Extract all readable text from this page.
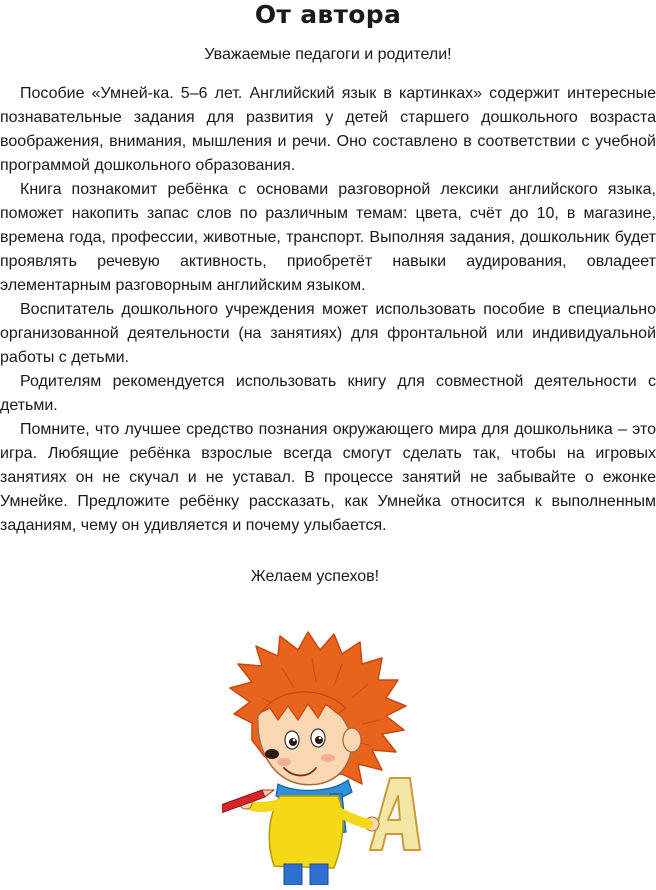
От автора
Уважаемые педагоги и родители!

Пособие «Умней-ка. 5–6 лет. Английский язык в картинках» содержит интересные познавательные задания для развития у детей старшего дошкольного возраста воображения, внимания, мышления и речи. Оно составлено в соответствии с учебной программой дошкольного образования.

Книга познакомит ребёнка с основами разговорной лексики английского языка, поможет накопить запас слов по различным темам: цвета, счёт до 10, в магазине, времена года, профессии, животные, транспорт. Выполняя задания, дошкольник будет проявлять речевую активность, приобретёт навыки аудирования, овладеет элементарным разговорным английским языком.

Воспитатель дошкольного учреждения может использовать пособие в специально организованной деятельности (на занятиях) для фронтальной или индивидуальной работы с детьми.

Родителям рекомендуется использовать книгу для совместной деятельности с детьми.

Помните, что лучшее средство познания окружающего мира для дошкольника – это игра. Любящие ребёнка взрослые всегда смогут сделать так, чтобы на игровых занятиях он не скучал и не уставал. В процессе занятий не забывайте о ежонке Умнейке. Предложите ребёнку рассказать, как Умнейка относится к выполненным заданиям, чему он удивляется и почему улыбается.

Желаем успехов!
